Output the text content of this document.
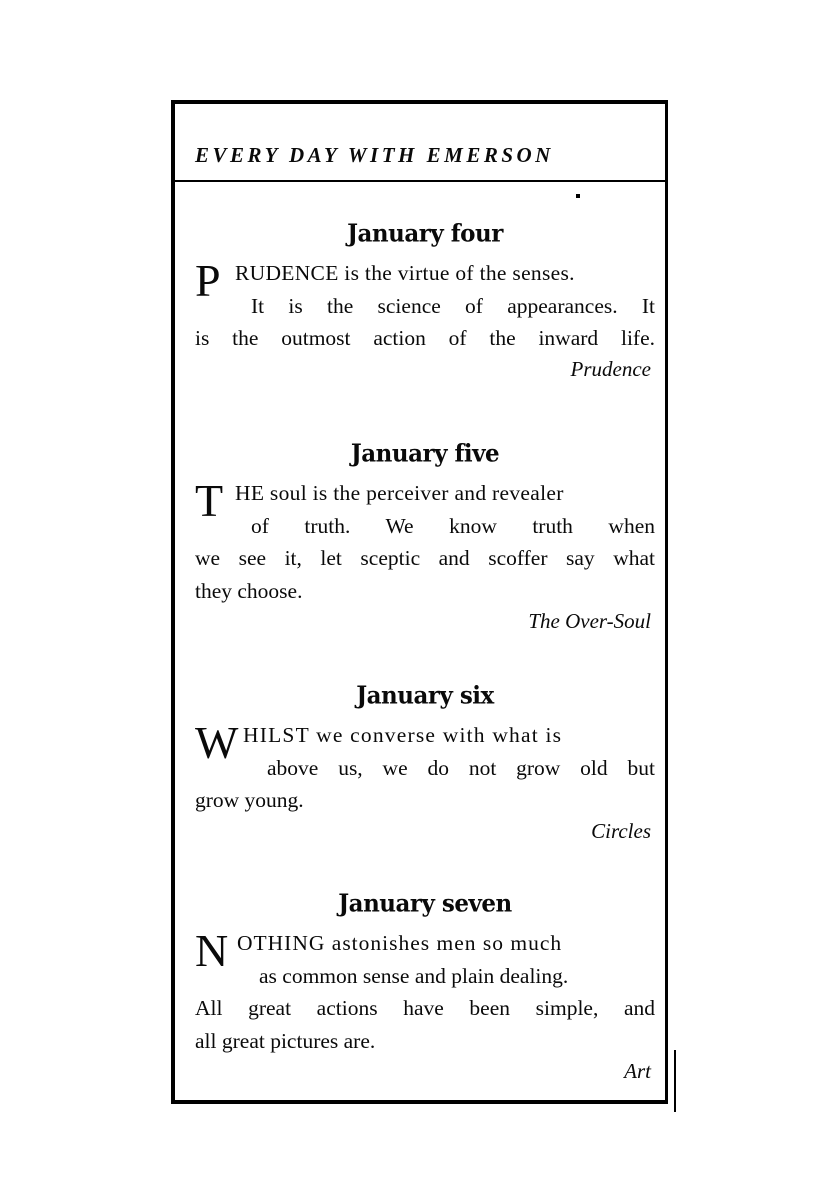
EVERY DAY WITH EMERSON
January four
P RUDENCE is the virtue of the senses.
It is the science of appearances. It
is the outmost action of the inward life.
Prudence
January five
T HE soul is the perceiver and revealer
of truth. We know truth when
we see it, let sceptic and scoffer say what
they choose.
The Over-Soul
January six
W HILST we converse with what is
above us, we do not grow old but
grow young.
Circles
January seven
N OTHING astonishes men so much
as common sense and plain dealing.
All great actions have been simple, and
all great pictures are.
Art
